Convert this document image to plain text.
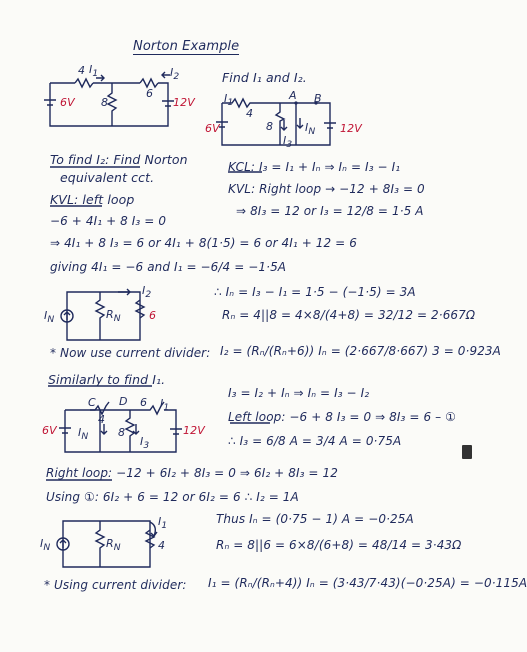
Norton Example
4 $I_1$
6
$I_2$
8
6V	12V
Find I₁ and I₂.
$I_1$
A B
4
8	$I_N$
$I_3$
6V	12V
To find I₂: Find Norton
equivalent cct.
KCL: I₃ = I₁ + Iₙ ⇒ Iₙ = I₃ − I₁
KVL: Right loop → −12 + 8I₃ = 0
⇒ 8I₃ = 12 or I₃ = 12/8 = 1·5 A
KVL: left loop
−6 + 4I₁ + 8 I₃ = 0
⇒ 4I₁ + 8 I₃ = 6 or 4I₁ + 8(1·5) = 6 or 4I₁ + 12 = 6
giving 4I₁ = −6 and I₁ = −6/4 = −1·5A
$I_N$	$R_N$	6
$I_2$	∴ Iₙ = I₃ − I₁ = 1·5 − (−1·5) = 3A
Rₙ = 4||8 = 4×8/(4+8) = 32/12 = 2·667Ω
* Now use current divider: I₂ = (Rₙ/(Rₙ+6)) Iₙ = (2·667/8·667) 3 = 0·923A
Similarly to find I₁.
C D
4
6 $I_1$
$I_N$	8
$I_3$
6V	12V
I₃ = I₂ + Iₙ ⇒ Iₙ = I₃ − I₂
Left loop: −6 + 8 I₃ = 0 ⇒ 8I₃ = 6 – ①
∴ I₃ = 6/8 A = 3/4 A = 0·75A
Right loop: −12 + 6I₂ + 8I₃ = 0 ⇒ 6I₂ + 8I₃ = 12
Using ①: 6I₂ + 6 = 12 or 6I₂ = 6 ∴ I₂ = 1A
$I_N$	$R_N$	4
$I_1$	Thus Iₙ = (0·75 − 1) A = −0·25A
Rₙ = 8||6 = 6×8/(6+8) = 48/14 = 3·43Ω
* Using current divider: I₁ = (Rₙ/(Rₙ+4)) Iₙ = (3·43/7·43)(−0·25A) = −0·115A
